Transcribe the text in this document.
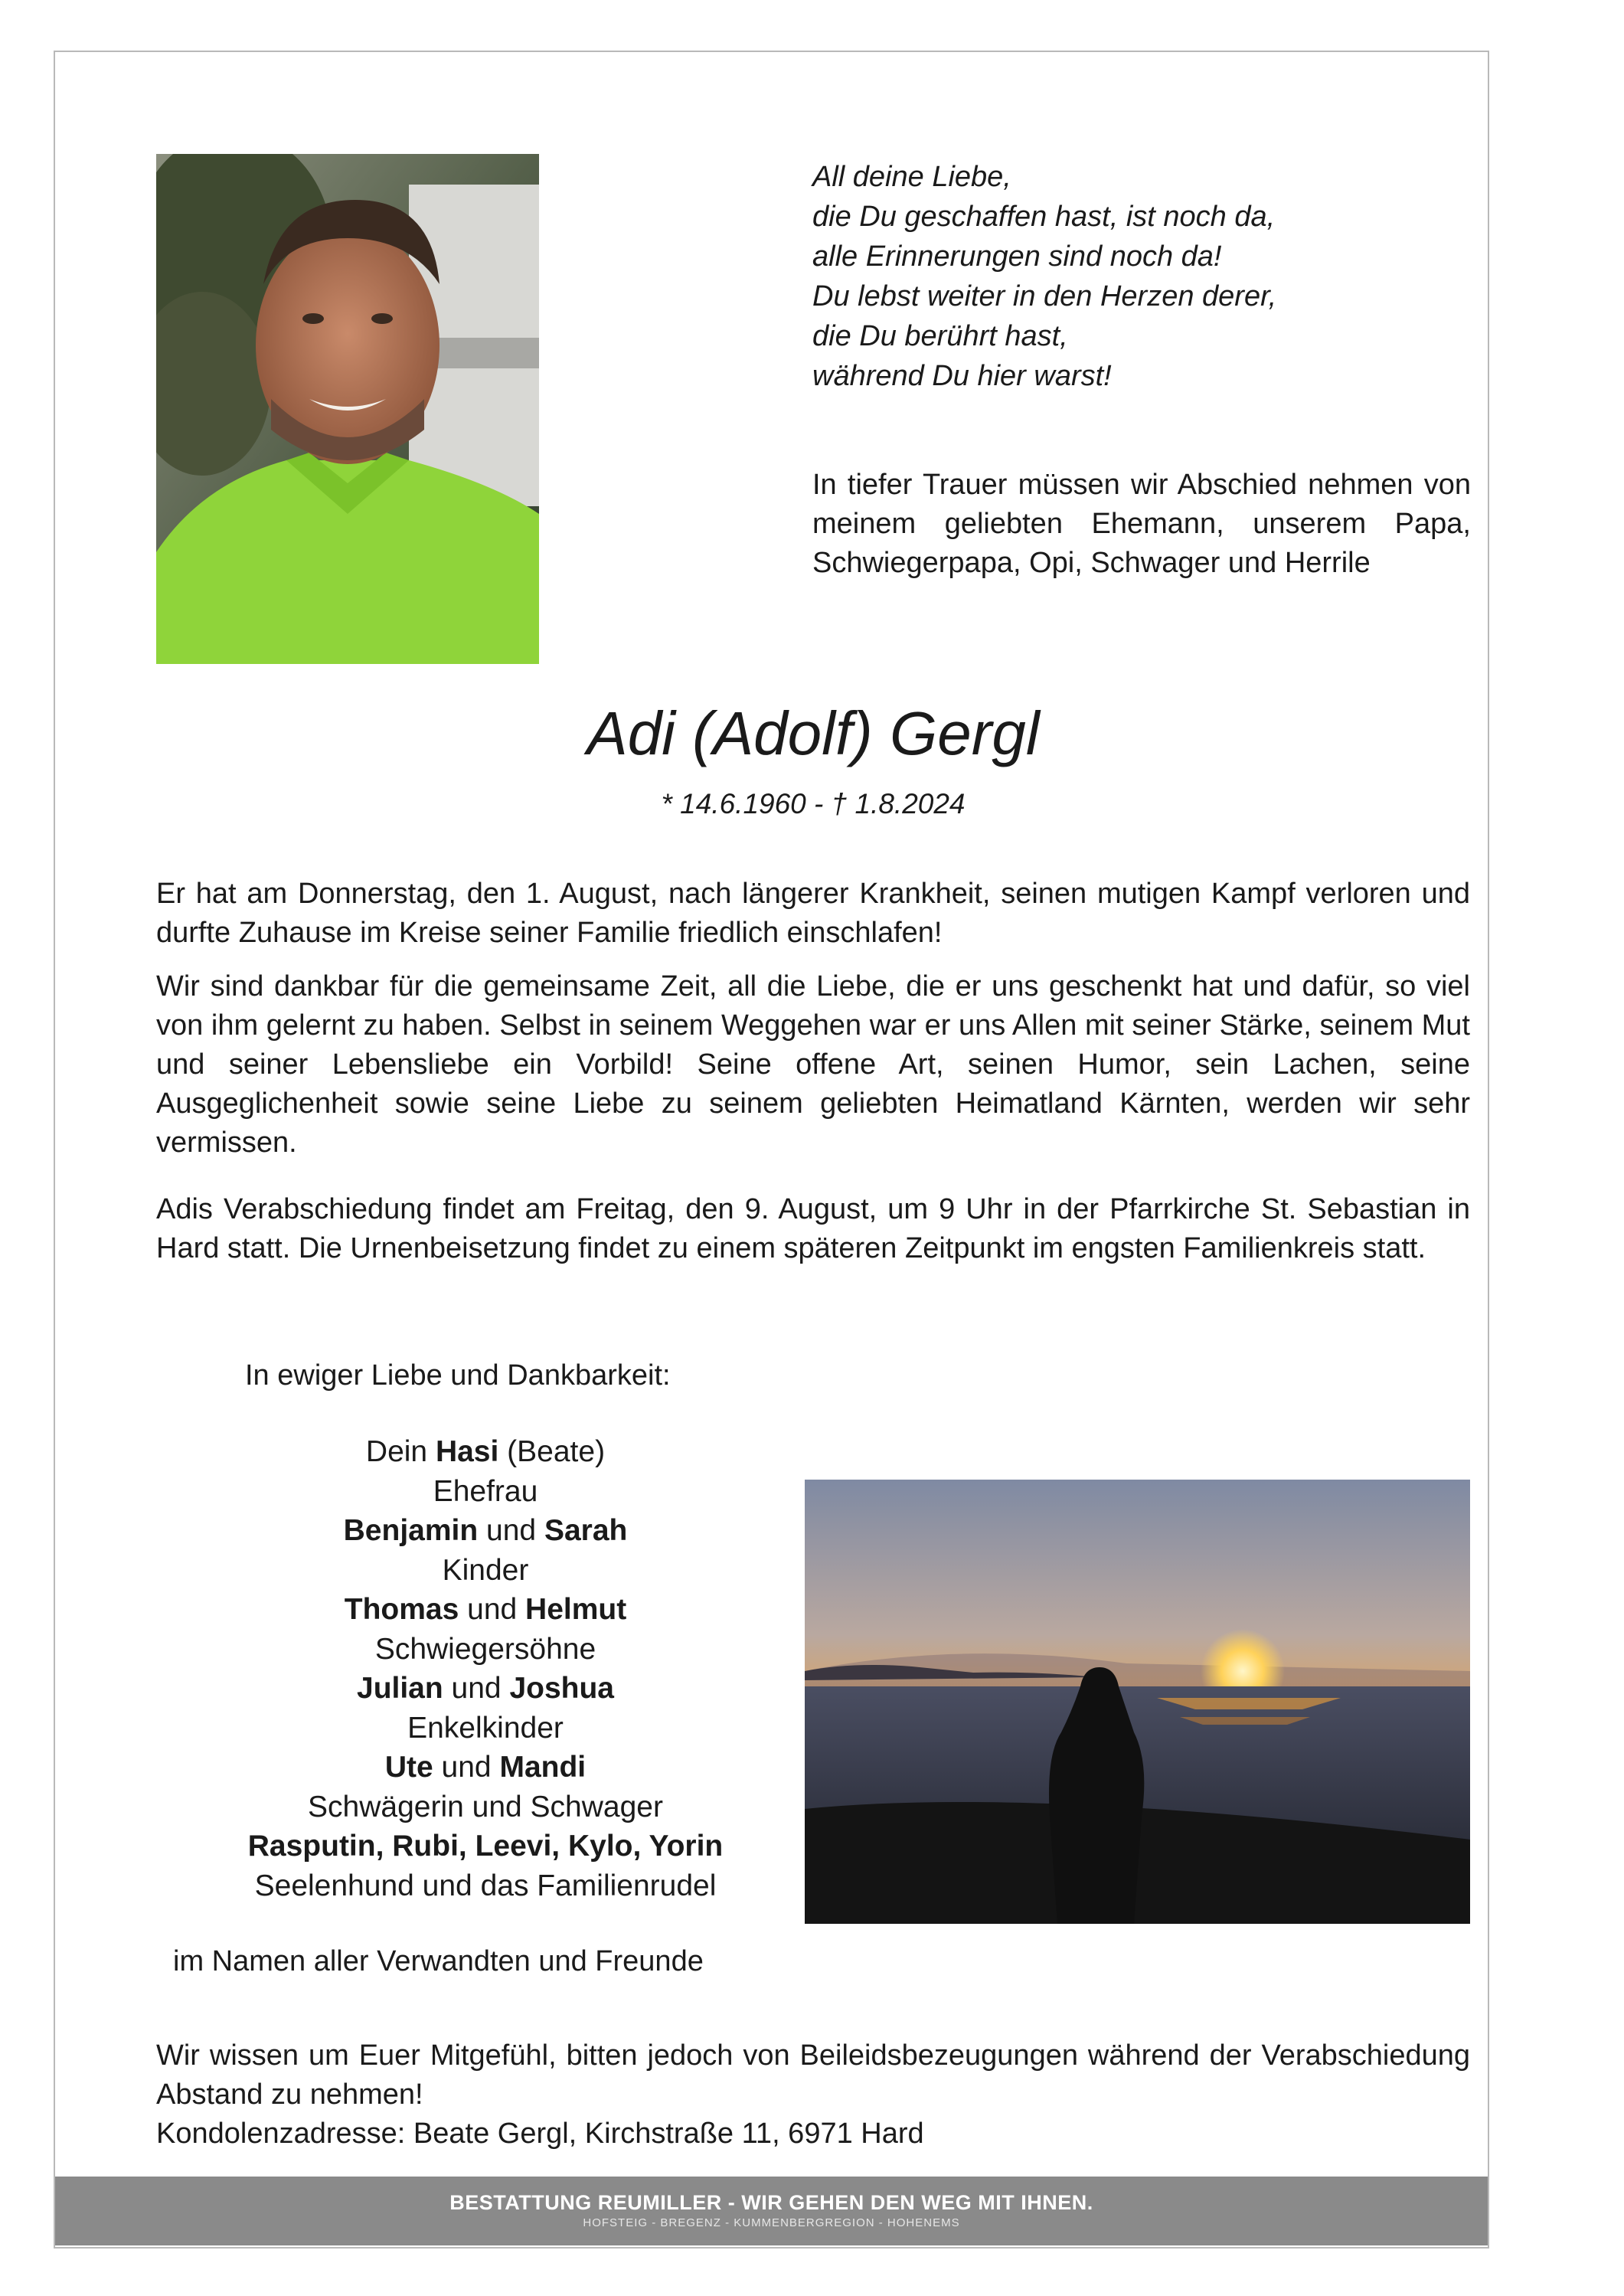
All deine Liebe,
die Du geschaffen hast, ist noch da,
alle Erinnerungen sind noch da!
Du lebst weiter in den Herzen derer,
die Du berührt hast,
während Du hier warst!
In tiefer Trauer müssen wir Abschied nehmen von meinem geliebten Ehemann, unserem Papa, Schwiegerpapa, Opi, Schwager und Herrile
Adi (Adolf) Gergl
* 14.6.1960 - † 1.8.2024

Er hat am Donnerstag, den 1. August, nach längerer Krankheit, seinen mutigen Kampf verloren und durfte Zuhause im Kreise seiner Familie friedlich einschlafen!

Wir sind dankbar für die gemeinsame Zeit, all die Liebe, die er uns geschenkt hat und dafür, so viel von ihm gelernt zu haben. Selbst in seinem Weggehen war er uns Allen mit seiner Stärke, seinem Mut und seiner Lebensliebe ein Vorbild! Seine offene Art, seinen Humor, sein Lachen, seine Ausgeglichenheit sowie seine Liebe zu seinem geliebten Heimatland Kärnten, werden wir sehr vermissen.

Adis Verabschiedung findet am Freitag, den 9. August, um 9 Uhr in der Pfarrkirche St. Sebastian in Hard statt. Die Urnenbeisetzung findet zu einem späteren Zeitpunkt im engsten Familienkreis statt.

In ewiger Liebe und Dankbarkeit:
Dein Hasi (Beate)
Ehefrau
Benjamin und Sarah
Kinder
Thomas und Helmut
Schwiegersöhne
Julian und Joshua
Enkelkinder
Ute und Mandi
Schwägerin und Schwager
Rasputin, Rubi, Leevi, Kylo, Yorin
Seelenhund und das Familienrudel
im Namen aller Verwandten und Freunde
Wir wissen um Euer Mitgefühl, bitten jedoch von Beileidsbezeugungen während der Verabschiedung Abstand zu nehmen!
Kondolenzadresse: Beate Gergl, Kirchstraße 11, 6971 Hard
BESTATTUNG REUMILLER - WIR GEHEN DEN WEG MIT IHNEN.
HOFSTEIG - BREGENZ - KUMMENBERGREGION - HOHENEMS
